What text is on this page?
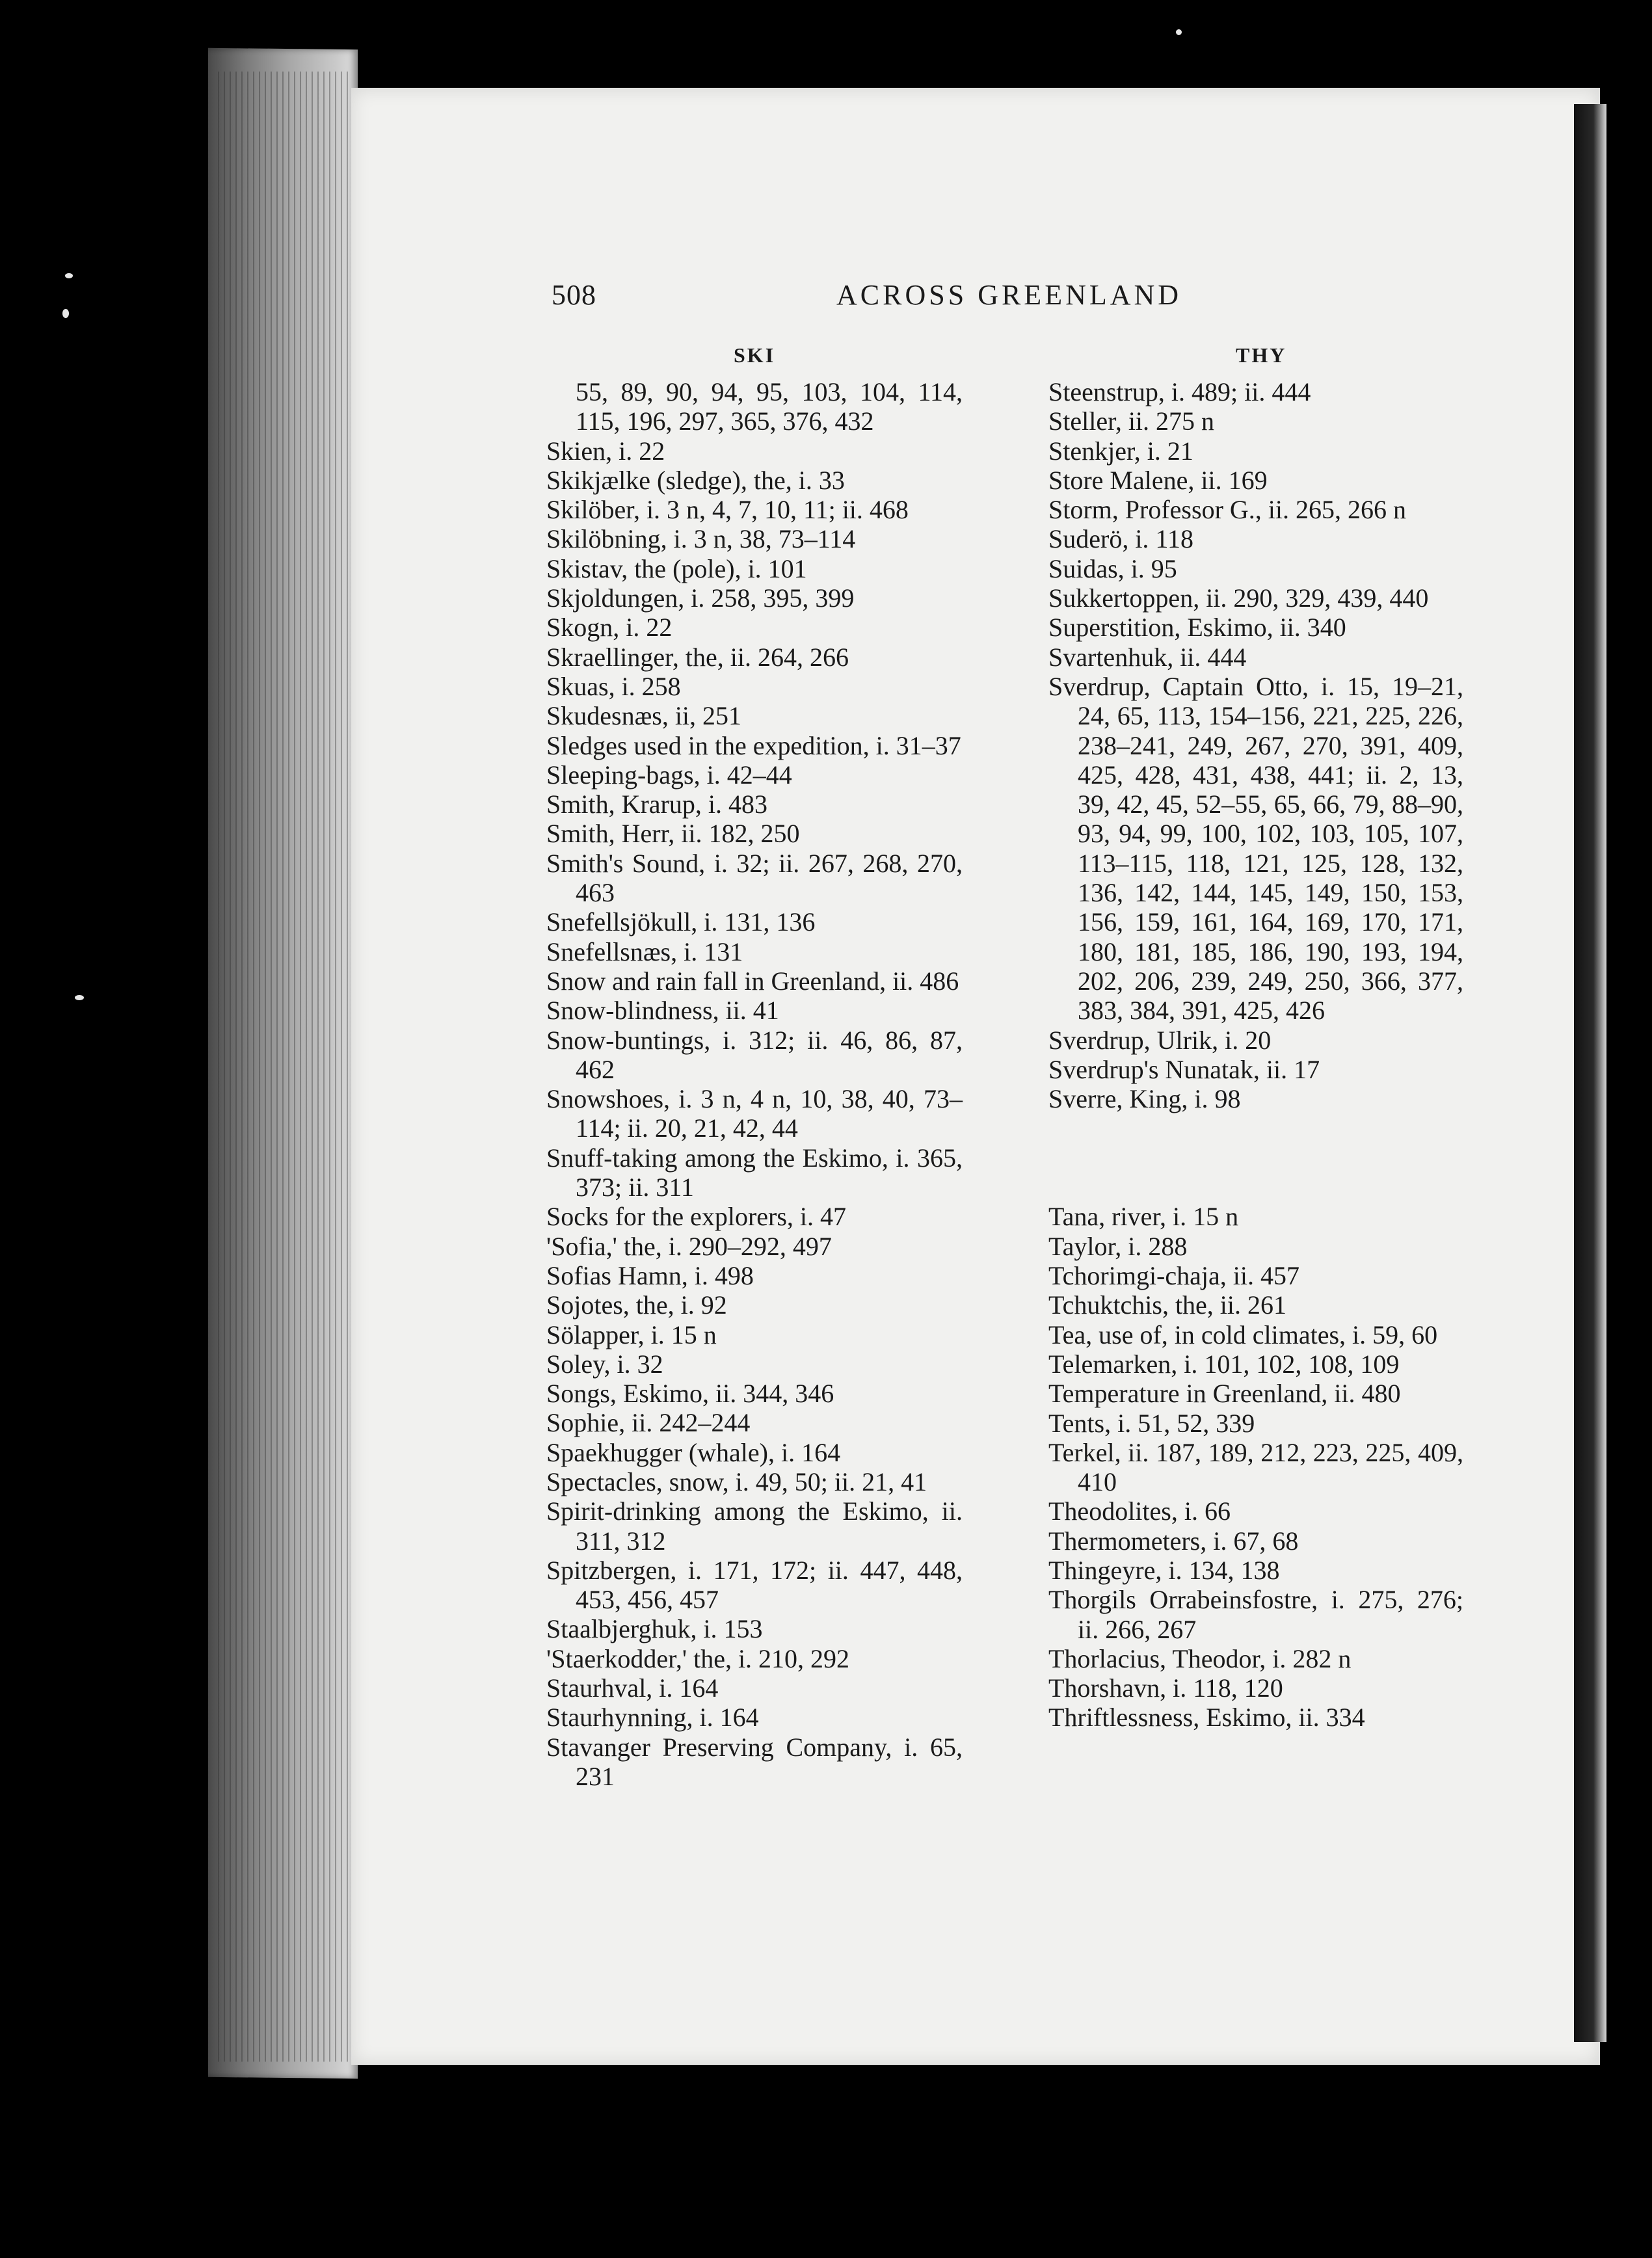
508	ACROSS GREENLAND
SKI	THY

55, 89, 90, 94, 95, 103, 104, 114, 115, 196, 297, 365, 376, 432

Skien, i. 22

Skikjælke (sledge), the, i. 33

Skilöber, i. 3 n, 4, 7, 10, 11; ii. 468

Skilöbning, i. 3 n, 38, 73–114

Skistav, the (pole), i. 101

Skjoldungen, i. 258, 395, 399

Skogn, i. 22

Skraellinger, the, ii. 264, 266

Skuas, i. 258

Skudesnæs, ii, 251

Sledges used in the expedition, i. 31–37

Sleeping-bags, i. 42–44

Smith, Krarup, i. 483

Smith, Herr, ii. 182, 250

Smith's Sound, i. 32; ii. 267, 268, 270, 463

Snefellsjökull, i. 131, 136

Snefellsnæs, i. 131

Snow and rain fall in Greenland, ii. 486

Snow-blindness, ii. 41

Snow-buntings, i. 312; ii. 46, 86, 87, 462

Snowshoes, i. 3 n, 4 n, 10, 38, 40, 73–114; ii. 20, 21, 42, 44

Snuff-taking among the Eskimo, i. 365, 373; ii. 311

Socks for the explorers, i. 47

'Sofia,' the, i. 290–292, 497

Sofias Hamn, i. 498

Sojotes, the, i. 92

Sölapper, i. 15 n

Soley, i. 32

Songs, Eskimo, ii. 344, 346

Sophie, ii. 242–244

Spaekhugger (whale), i. 164

Spectacles, snow, i. 49, 50; ii. 21, 41

Spirit-drinking among the Eskimo, ii. 311, 312

Spitzbergen, i. 171, 172; ii. 447, 448, 453, 456, 457

Staalbjerghuk, i. 153

'Staerkodder,' the, i. 210, 292

Staurhval, i. 164

Staurhynning, i. 164

Stavanger Preserving Company, i. 65, 231

Steenstrup, i. 489; ii. 444

Steller, ii. 275 n

Stenkjer, i. 21

Store Malene, ii. 169

Storm, Professor G., ii. 265, 266 n

Suderö, i. 118

Suidas, i. 95

Sukkertoppen, ii. 290, 329, 439, 440

Superstition, Eskimo, ii. 340

Svartenhuk, ii. 444

Sverdrup, Captain Otto, i. 15, 19–21, 24, 65, 113, 154–156, 221, 225, 226, 238–241, 249, 267, 270, 391, 409, 425, 428, 431, 438, 441; ii. 2, 13, 39, 42, 45, 52–55, 65, 66, 79, 88–90, 93, 94, 99, 100, 102, 103, 105, 107, 113–115, 118, 121, 125, 128, 132, 136, 142, 144, 145, 149, 150, 153, 156, 159, 161, 164, 169, 170, 171, 180, 181, 185, 186, 190, 193, 194, 202, 206, 239, 249, 250, 366, 377, 383, 384, 391, 425, 426

Sverdrup, Ulrik, i. 20

Sverdrup's Nunatak, ii. 17

Sverre, King, i. 98

Tana, river, i. 15 n

Taylor, i. 288

Tchorimgi-chaja, ii. 457

Tchuktchis, the, ii. 261

Tea, use of, in cold climates, i. 59, 60

Telemarken, i. 101, 102, 108, 109

Temperature in Greenland, ii. 480

Tents, i. 51, 52, 339

Terkel, ii. 187, 189, 212, 223, 225, 409, 410

Theodolites, i. 66

Thermometers, i. 67, 68

Thingeyre, i. 134, 138

Thorgils Orrabeinsfostre, i. 275, 276; ii. 266, 267

Thorlacius, Theodor, i. 282 n

Thorshavn, i. 118, 120

Thriftlessness, Eskimo, ii. 334
